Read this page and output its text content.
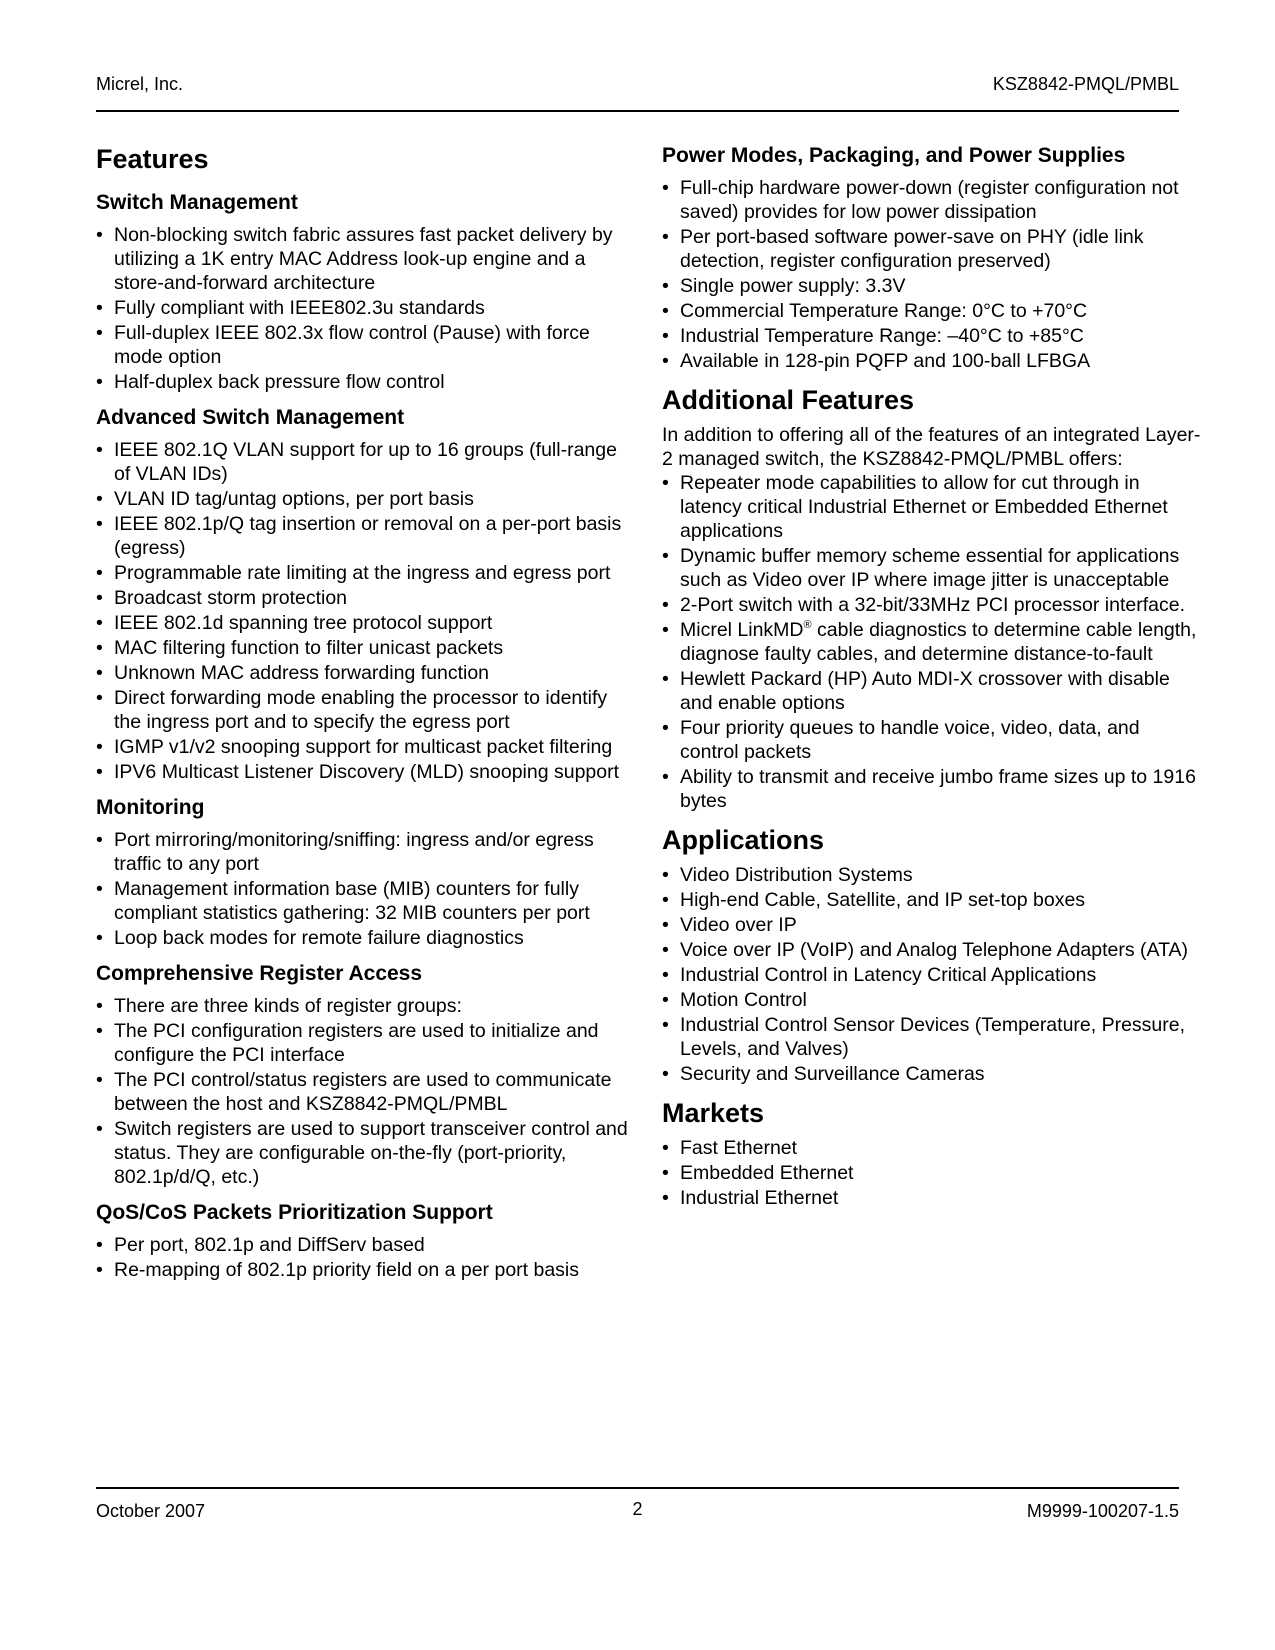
Micrel, Inc.	KSZ8842-PMQL/PMBL
Features
Switch Management
• Non-blocking switch fabric assures fast packet delivery by utilizing a 1K entry MAC Address look-up engine and a store-and-forward architecture
• Fully compliant with IEEE802.3u standards
• Full-duplex IEEE 802.3x flow control (Pause) with force mode option
• Half-duplex back pressure flow control
Advanced Switch Management
• IEEE 802.1Q VLAN support for up to 16 groups (full-range of VLAN IDs)
• VLAN ID tag/untag options, per port basis
• IEEE 802.1p/Q tag insertion or removal on a per-port basis (egress)
• Programmable rate limiting at the ingress and egress port
• Broadcast storm protection
• IEEE 802.1d spanning tree protocol support
• MAC filtering function to filter unicast packets
• Unknown MAC address forwarding function
• Direct forwarding mode enabling the processor to identify the ingress port and to specify the egress port
• IGMP v1/v2 snooping support for multicast packet filtering
• IPV6 Multicast Listener Discovery (MLD) snooping support
Monitoring
• Port mirroring/monitoring/sniffing: ingress and/or egress traffic to any port
• Management information base (MIB) counters for fully compliant statistics gathering: 32 MIB counters per port
• Loop back modes for remote failure diagnostics
Comprehensive Register Access
• There are three kinds of register groups:
• The PCI configuration registers are used to initialize and configure the PCI interface
• The PCI control/status registers are used to communicate between the host and KSZ8842-PMQL/PMBL
• Switch registers are used to support transceiver control and status. They are configurable on-the-fly (port-priority, 802.1p/d/Q, etc.)
QoS/CoS Packets Prioritization Support
• Per port, 802.1p and DiffServ based
• Re-mapping of 802.1p priority field on a per port basis
Power Modes, Packaging, and Power Supplies
• Full-chip hardware power-down (register configuration not saved) provides for low power dissipation
• Per port-based software power-save on PHY (idle link detection, register configuration preserved)
• Single power supply: 3.3V
• Commercial Temperature Range: 0°C to +70°C
• Industrial Temperature Range: –40°C to +85°C
• Available in 128-pin PQFP and 100-ball LFBGA
Additional Features

In addition to offering all of the features of an integrated Layer-2 managed switch, the KSZ8842-PMQL/PMBL offers:

• Repeater mode capabilities to allow for cut through in latency critical Industrial Ethernet or Embedded Ethernet applications
• Dynamic buffer memory scheme essential for applications such as Video over IP where image jitter is unacceptable
• 2-Port switch with a 32-bit/33MHz PCI processor interface.
• Micrel LinkMD® cable diagnostics to determine cable length, diagnose faulty cables, and determine distance-to-fault
• Hewlett Packard (HP) Auto MDI-X crossover with disable and enable options
• Four priority queues to handle voice, video, data, and control packets
• Ability to transmit and receive jumbo frame sizes up to 1916 bytes
Applications
• Video Distribution Systems
• High-end Cable, Satellite, and IP set-top boxes
• Video over IP
• Voice over IP (VoIP) and Analog Telephone Adapters (ATA)
• Industrial Control in Latency Critical Applications
• Motion Control
• Industrial Control Sensor Devices (Temperature, Pressure, Levels, and Valves)
• Security and Surveillance Cameras
Markets
• Fast Ethernet
• Embedded Ethernet
• Industrial Ethernet
October 2007	2	M9999-100207-1.5
